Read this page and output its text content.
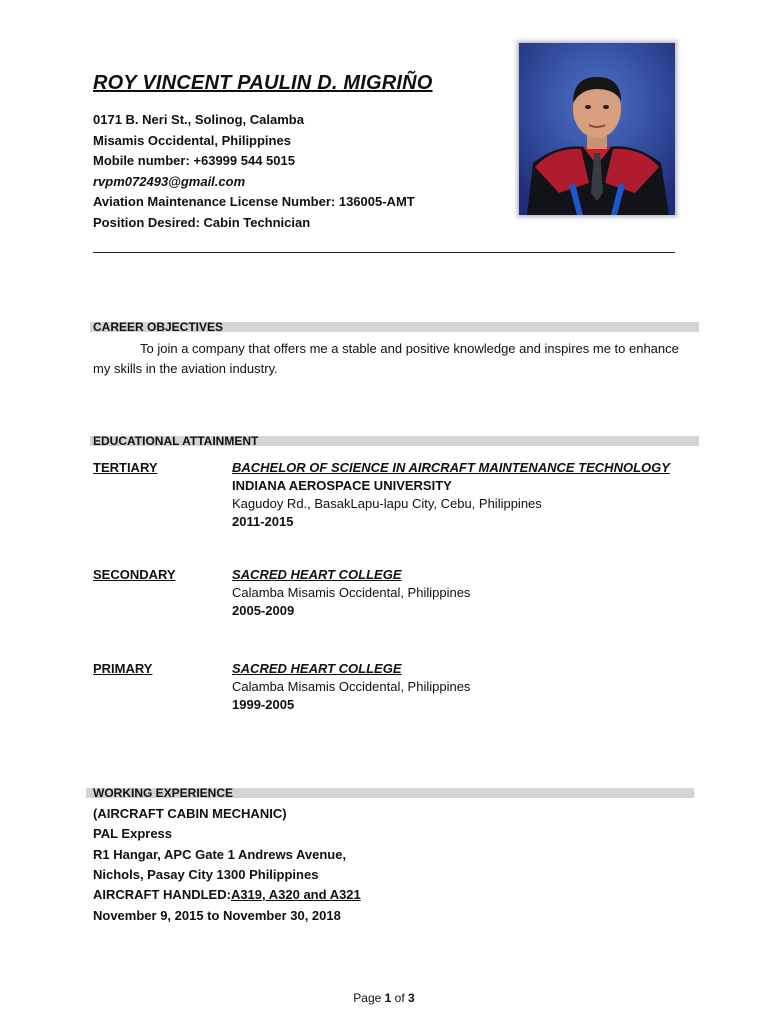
ROY VINCENT PAULIN D. MIGRIÑO
0171 B. Neri St., Solinog, Calamba
Misamis Occidental, Philippines
Mobile number: +63999 544 5015
rvpm072493@gmail.com
Aviation Maintenance License Number: 136005-AMT
Position Desired: Cabin Technician
CAREER OBJECTIVES
To join a company that offers me a stable and positive knowledge and inspires me to enhance my skills in the aviation industry.
EDUCATIONAL ATTAINMENT
TERTIARY	BACHELOR OF SCIENCE IN AIRCRAFT MAINTENANCE TECHNOLOGY
INDIANA AEROSPACE UNIVERSITY
Kagudoy Rd., BasakLapu-lapu City, Cebu, Philippines
2011-2015
SECONDARY	SACRED HEART COLLEGE
Calamba Misamis Occidental, Philippines
2005-2009
PRIMARY	SACRED HEART COLLEGE
Calamba Misamis Occidental, Philippines
1999-2005
WORKING EXPERIENCE
(AIRCRAFT CABIN MECHANIC)
PAL Express
R1 Hangar, APC Gate 1 Andrews Avenue,
Nichols, Pasay City 1300 Philippines
AIRCRAFT HANDLED:A319, A320 and A321
November 9, 2015 to November 30, 2018
Page 1 of 3
